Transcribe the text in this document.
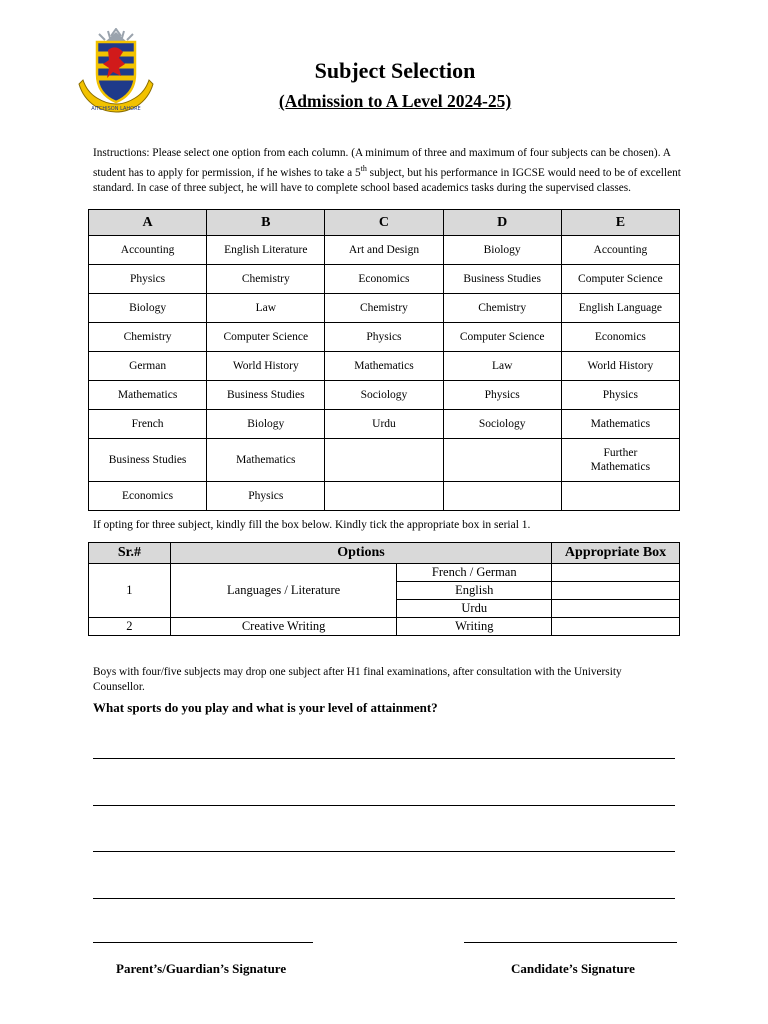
AITCHISON LAHORE
Subject Selection
(Admission to A Level 2024-25)
Instructions: Please select one option from each column. (A minimum of three and maximum of four subjects can be chosen). A student has to apply for permission, if he wishes to take a 5th subject, but his performance in IGCSE would need to be of excellent standard. In case of three subject, he will have to complete school based academics tasks during the supervised classes.
A	B	C	D	E
Accounting	English Literature	Art and Design	Biology	Accounting
Physics	Chemistry	Economics	Business Studies	Computer Science
Biology	Law	Chemistry	Chemistry	English Language
Chemistry	Computer Science	Physics	Computer Science	Economics
German	World History	Mathematics	Law	World History
Mathematics	Business Studies	Sociology	Physics	Physics
French	Biology	Urdu	Sociology	Mathematics
Business Studies	Mathematics			Further Mathematics
Economics	Physics			
If opting for three subject, kindly fill the box below. Kindly tick the appropriate box in serial 1.
Sr.#	Options		Appropriate Box
1	Languages / Literature	French / German	
		English	
		Urdu	
2	Creative Writing	Writing	
Boys with four/five subjects may drop one subject after H1 final examinations, after consultation with the University Counsellor.
What sports do you play and what is your level of attainment?
Parent’s/Guardian’s Signature	Candidate’s Signature
